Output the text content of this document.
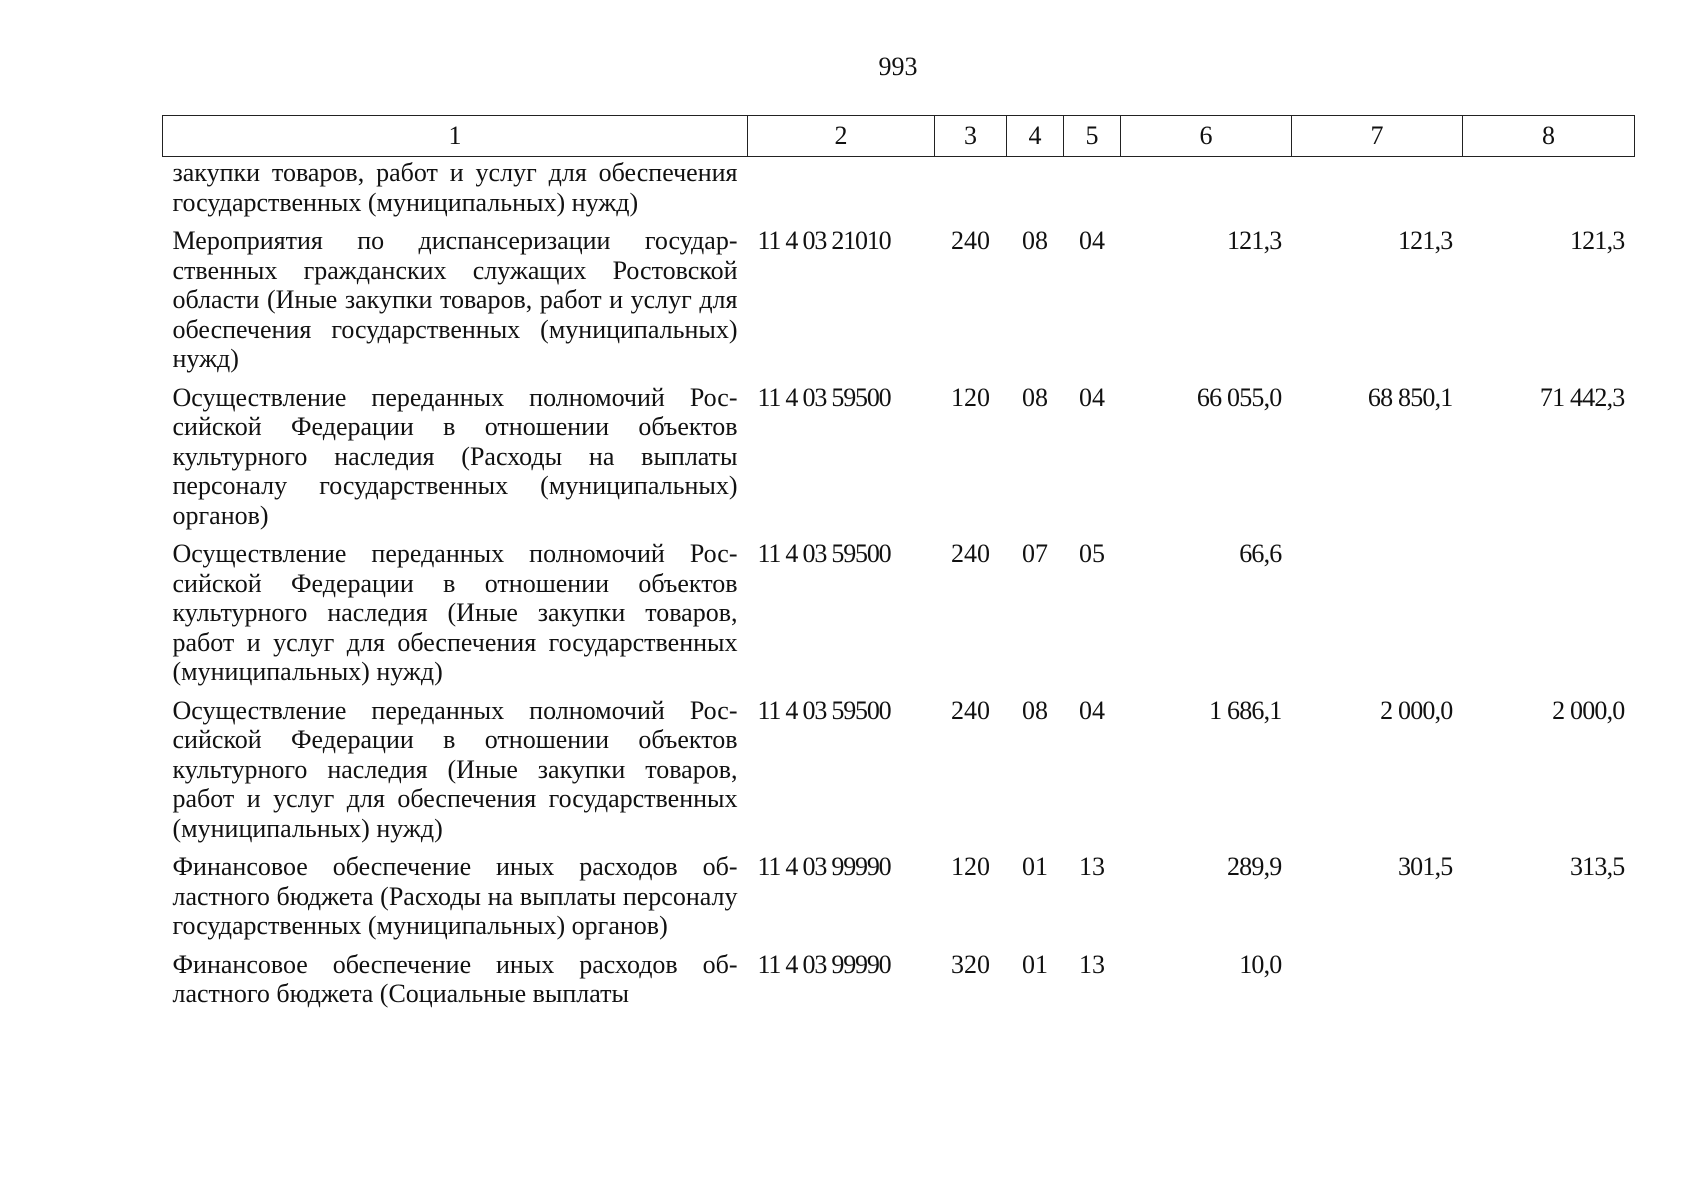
993
1	2	3	4	5	6	7	8
закупки товаров, работ и услуг для обеспечения государственных (муниципальных) нужд)							
Мероприятия по диспансеризации государственных гражданских служащих Ростовской области (Иные закупки товаров, работ и услуг для обеспечения государственных (муниципальных) нужд)	11 4 03 21010	240	08	04	121,3	121,3	121,3
Осуществление переданных полномочий Российской Федерации в отношении объектов культурного наследия (Расходы на выплаты персоналу государственных (муниципальных) органов)	11 4 03 59500	120	08	04	66 055,0	68 850,1	71 442,3
Осуществление переданных полномочий Российской Федерации в отношении объектов культурного наследия (Иные закупки товаров, работ и услуг для обеспечения государственных (муниципальных) нужд)	11 4 03 59500	240	07	05	66,6		
Осуществление переданных полномочий Российской Федерации в отношении объектов культурного наследия (Иные закупки товаров, работ и услуг для обеспечения государственных (муниципальных) нужд)	11 4 03 59500	240	08	04	1 686,1	2 000,0	2 000,0
Финансовое обеспечение иных расходов областного бюджета (Расходы на выплаты персоналу государственных (муниципальных) органов)	11 4 03 99990	120	01	13	289,9	301,5	313,5
Финансовое обеспечение иных расходов областного бюджета (Социальные выплаты	11 4 03 99990	320	01	13	10,0		
